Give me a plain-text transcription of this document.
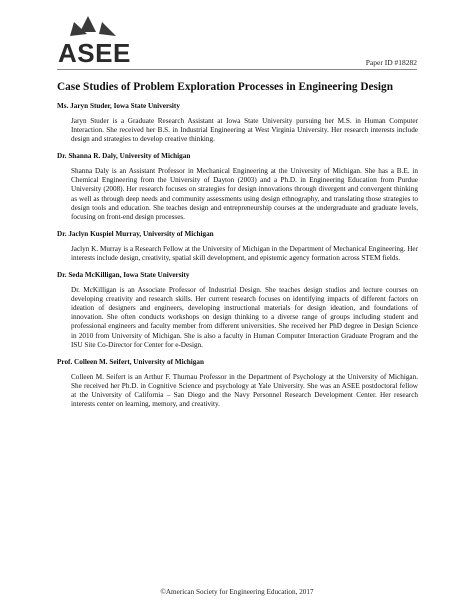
ASEE	Paper ID #18282
Case Studies of Problem Exploration Processes in Engineering Design
Ms. Jaryn Studer, Iowa State University

Jaryn Studer is a Graduate Research Assistant at Iowa State University pursuing her M.S. in Human Computer Interaction. She received her B.S. in Industrial Engineering at West Virginia University. Her research interests include design and strategies to develop creative thinking.

Dr. Shanna R. Daly, University of Michigan

Shanna Daly is an Assistant Professor in Mechanical Engineering at the University of Michigan. She has a B.E. in Chemical Engineering from the University of Dayton (2003) and a Ph.D. in Engineering Education from Purdue University (2008). Her research focuses on strategies for design innovations through divergent and convergent thinking as well as through deep needs and community assessments using design ethnography, and translating those strategies to design tools and education. She teaches design and entrepreneurship courses at the undergraduate and graduate levels, focusing on front-end design processes.

Dr. Jaclyn Kuspiel Murray, University of Michigan

Jaclyn K. Murray is a Research Fellow at the University of Michigan in the Department of Mechanical Engineering. Her interests include design, creativity, spatial skill development, and epistemic agency formation across STEM fields.

Dr. Seda McKilligan, Iowa State University

Dr. McKilligan is an Associate Professor of Industrial Design. She teaches design studios and lecture courses on developing creativity and research skills. Her current research focuses on identifying impacts of different factors on ideation of designers and engineers, developing instructional materials for design ideation, and foundations of innovation. She often conducts workshops on design thinking to a diverse range of groups including student and professional engineers and faculty member from different universities. She received her PhD degree in Design Science in 2010 from University of Michigan. She is also a faculty in Human Computer Interaction Graduate Program and the ISU Site Co-Director for Center for e-Design.

Prof. Colleen M. Seifert, University of Michigan

Colleen M. Seifert is an Arthur F. Thurnau Professor in the Department of Psychology at the University of Michigan. She received her Ph.D. in Cognitive Science and psychology at Yale University. She was an ASEE postdoctoral fellow at the University of California – San Diego and the Navy Personnel Research Development Center. Her research interests center on learning, memory, and creativity.

©American Society for Engineering Education, 2017
